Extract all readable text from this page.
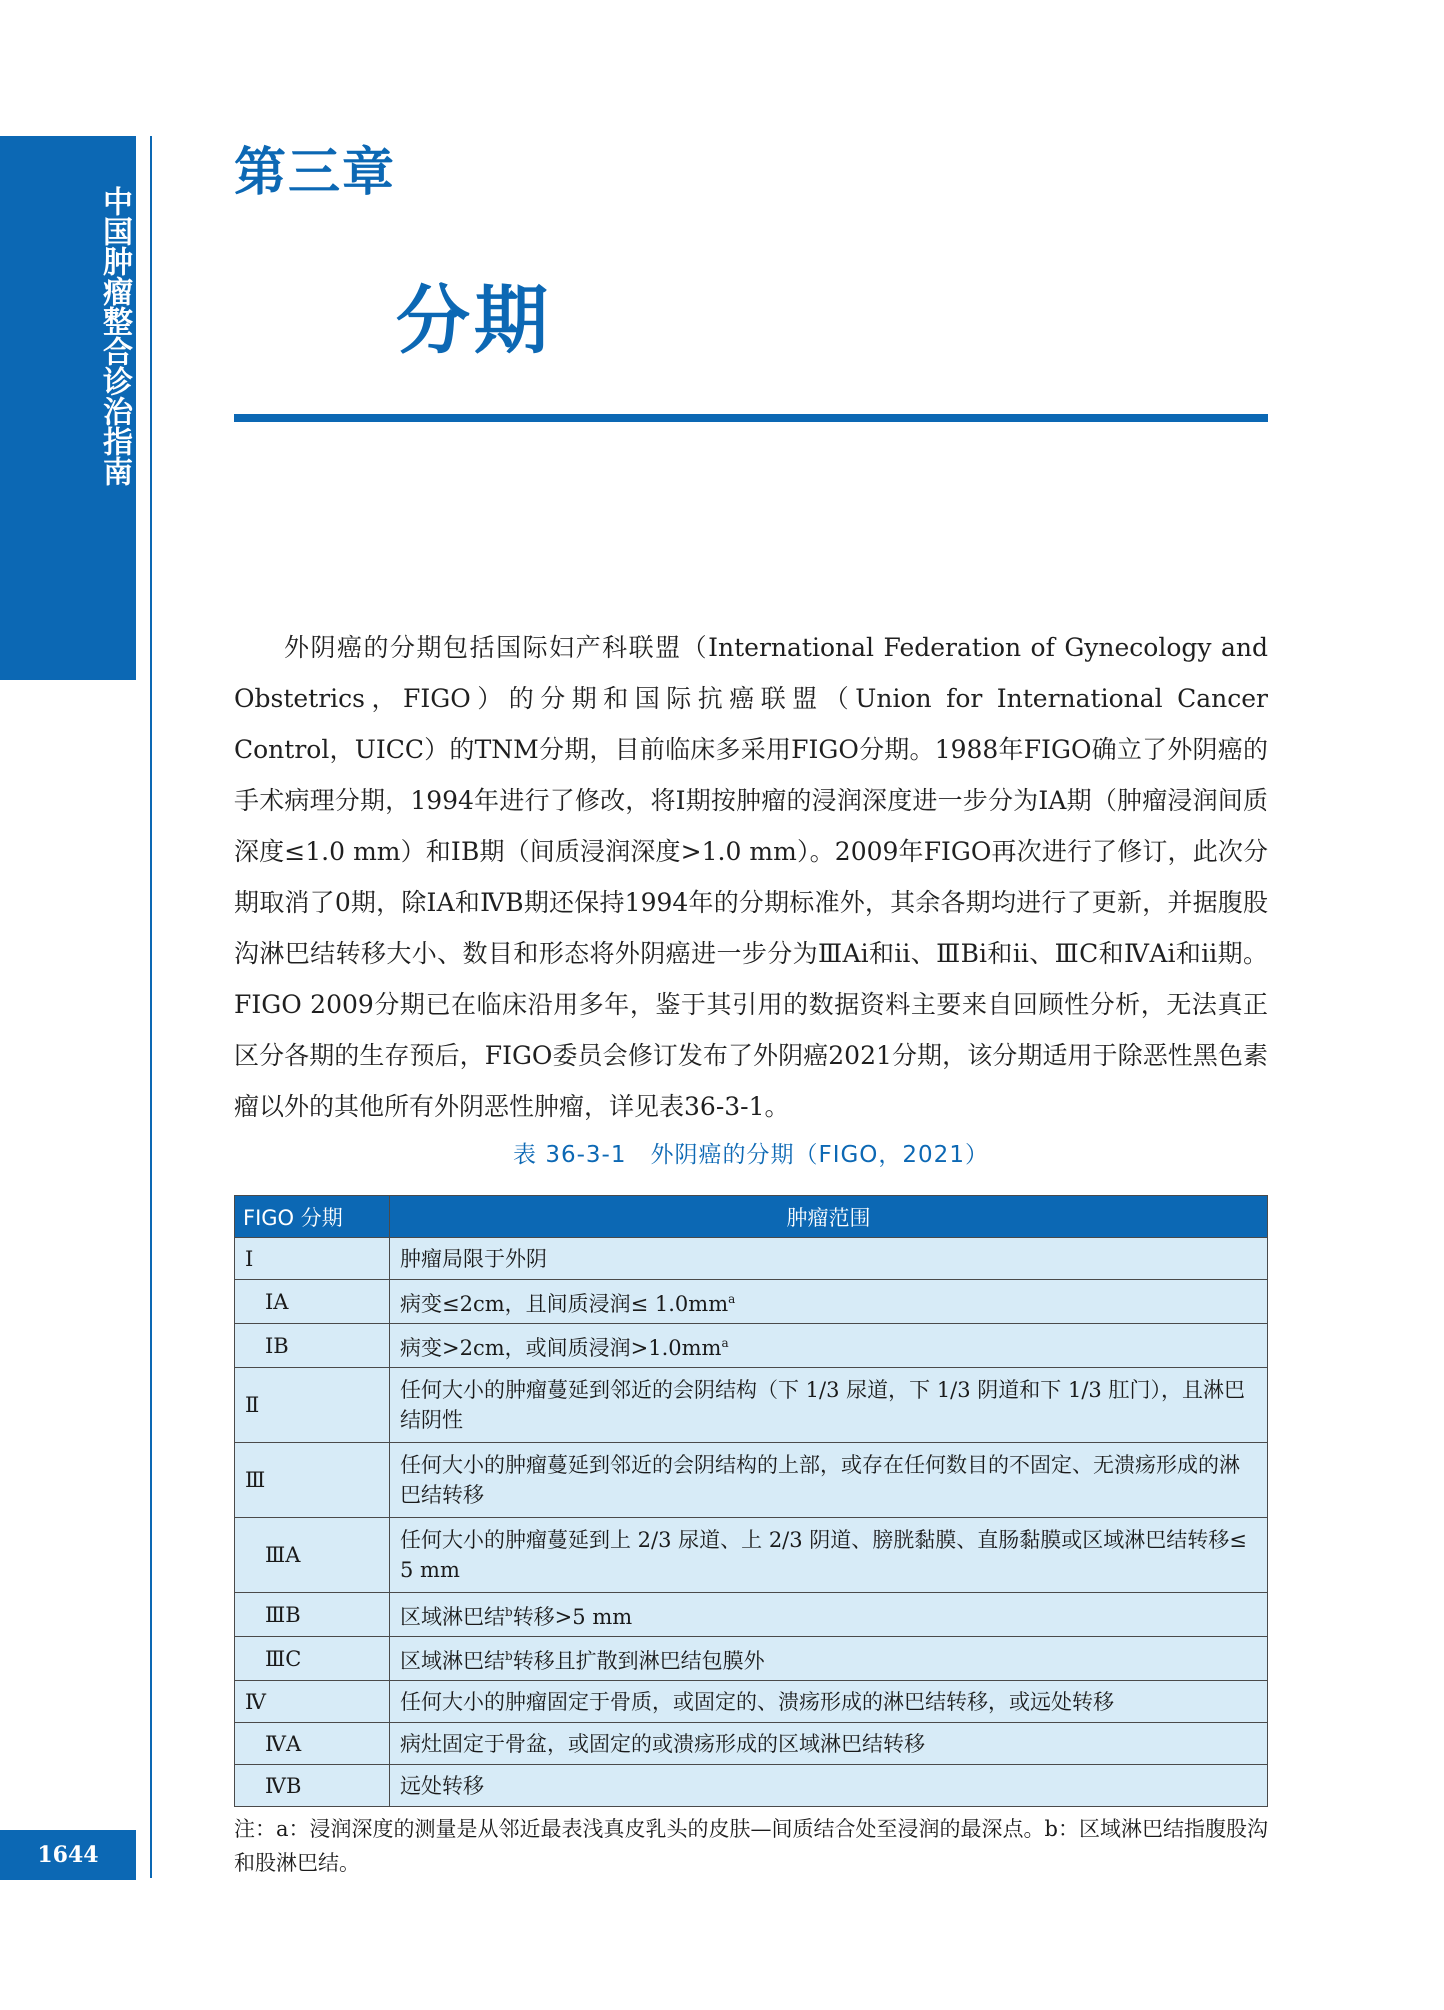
中国肿瘤整合诊治指南
1644
第三章
分期

外阴癌的分期包括国际妇产科联盟（International Federation of Gynecology and Obstetrics，FIGO）的分期和国际抗癌联盟（Union for International Cancer Control，UICC）的TNM分期，目前临床多采用FIGO分期。1988年FIGO确立了外阴癌的手术病理分期，1994年进行了修改，将Ⅰ期按肿瘤的浸润深度进一步分为ⅠA期（肿瘤浸润间质深度≤1.0 mm）和ⅠB期（间质浸润深度>1.0 mm）。2009年FIGO再次进行了修订，此次分期取消了0期，除ⅠA和ⅣB期还保持1994年的分期标准外，其余各期均进行了更新，并据腹股沟淋巴结转移大小、数目和形态将外阴癌进一步分为ⅢAi和ⅱ、ⅢBi和ⅱ、ⅢC和ⅣAi和ⅱ期。FIGO 2009分期已在临床沿用多年，鉴于其引用的数据资料主要来自回顾性分析，无法真正区分各期的生存预后，FIGO委员会修订发布了外阴癌2021分期，该分期适用于除恶性黑色素瘤以外的其他所有外阴恶性肿瘤，详见表36-3-1。

表 36-3-1　外阴癌的分期（FIGO，2021）
FIGO 分期	肿瘤范围
Ⅰ	肿瘤局限于外阴
ⅠA	病变≤2cm，且间质浸润≤ $1.0mm^a$
ⅠB	病变>2cm，或间质浸润$>1.0mm^a$
Ⅱ	任何大小的肿瘤蔓延到邻近的会阴结构（下 1/3 尿道，下 1/3 阴道和下 1/3 肛门），且淋巴结阴性
Ⅲ	任何大小的肿瘤蔓延到邻近的会阴结构的上部，或存在任何数目的不固定、无溃疡形成的淋巴结转移
ⅢA	任何大小的肿瘤蔓延到上 2/3 尿道、上 2/3 阴道、膀胱黏膜、直肠黏膜或区域淋巴结转移≤ 5 mm
ⅢB	区域淋巴结$^b$转移>5 mm
ⅢC	区域淋巴结$^b$转移且扩散到淋巴结包膜外
Ⅳ	任何大小的肿瘤固定于骨质，或固定的、溃疡形成的淋巴结转移，或远处转移
ⅣA	病灶固定于骨盆，或固定的或溃疡形成的区域淋巴结转移
ⅣB	远处转移

注：a：浸润深度的测量是从邻近最表浅真皮乳头的皮肤—间质结合处至浸润的最深点。b：区域淋巴结指腹股沟和股淋巴结。
